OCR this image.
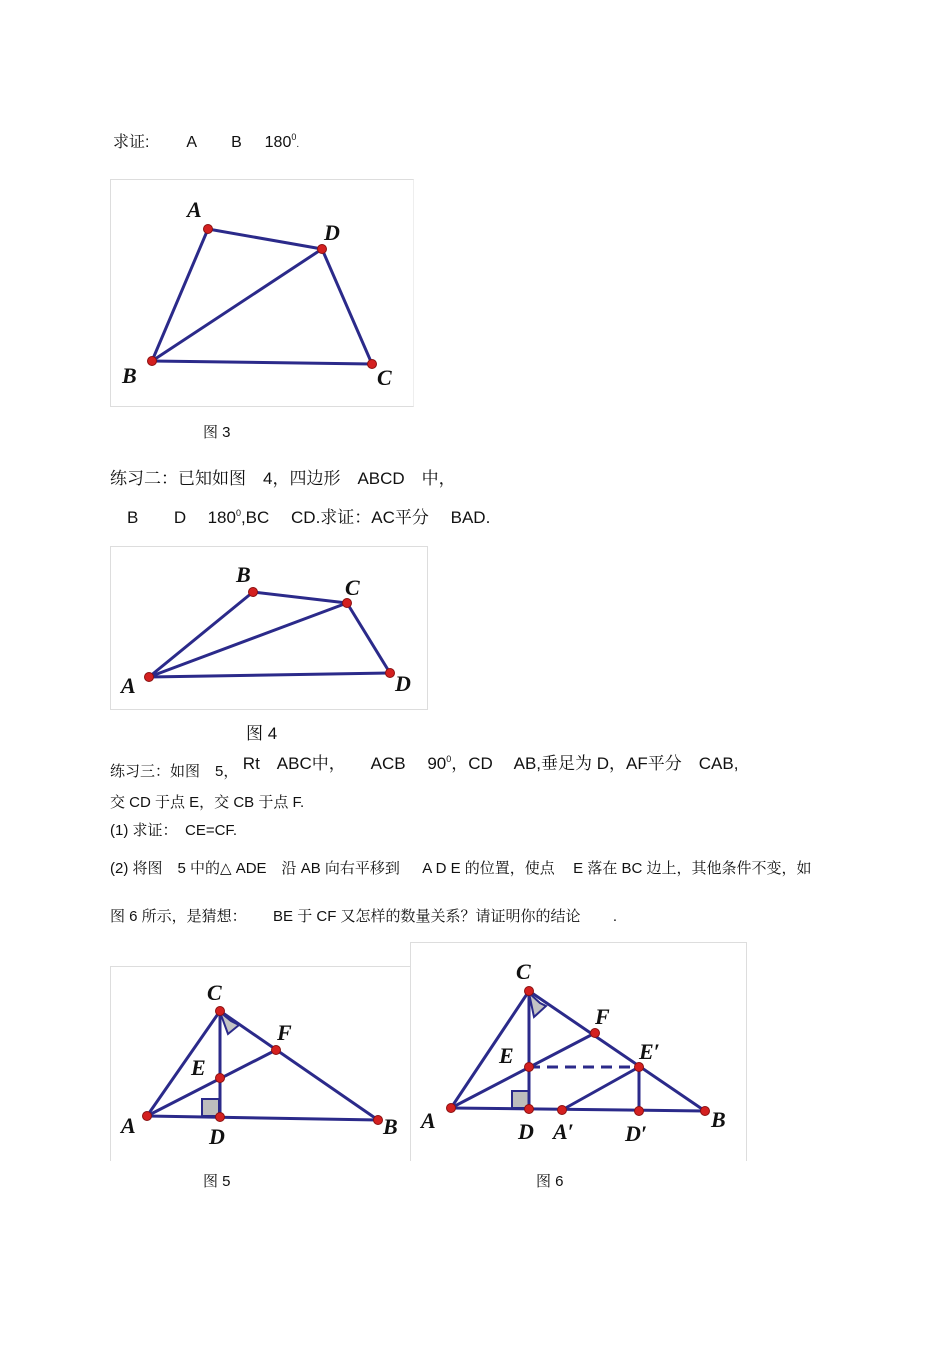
求证: A B $180^0$.
A
D
B	C
图 3
练习二：已知如图　4，四边形　ABCD　中，
B D $180^0,BC$　 CD.求证：AC平分　 BAD.
A
B
C
D
图 4
练习三：如图　5， Rt　ABC中， ACB　 $90^0$，CD　 AB,垂足为 D，AF平分　CAB,
交 CD 于点 E，交 CB 于点 F.
(1) 求证：　CE=CF.
(2) 将图　5 中的△ ADE　沿 AB 向右平移到 A D E 的位置，使点 E 落在 BC 边上，其他条件不变，如
图 6 所示，是猜想： BE 于 CF 又怎样的数量关系？请证明你的结论 .
C
F
E
A	D	B
图 5
C
F
E	E′
A	D A′ D′
B
图 6
